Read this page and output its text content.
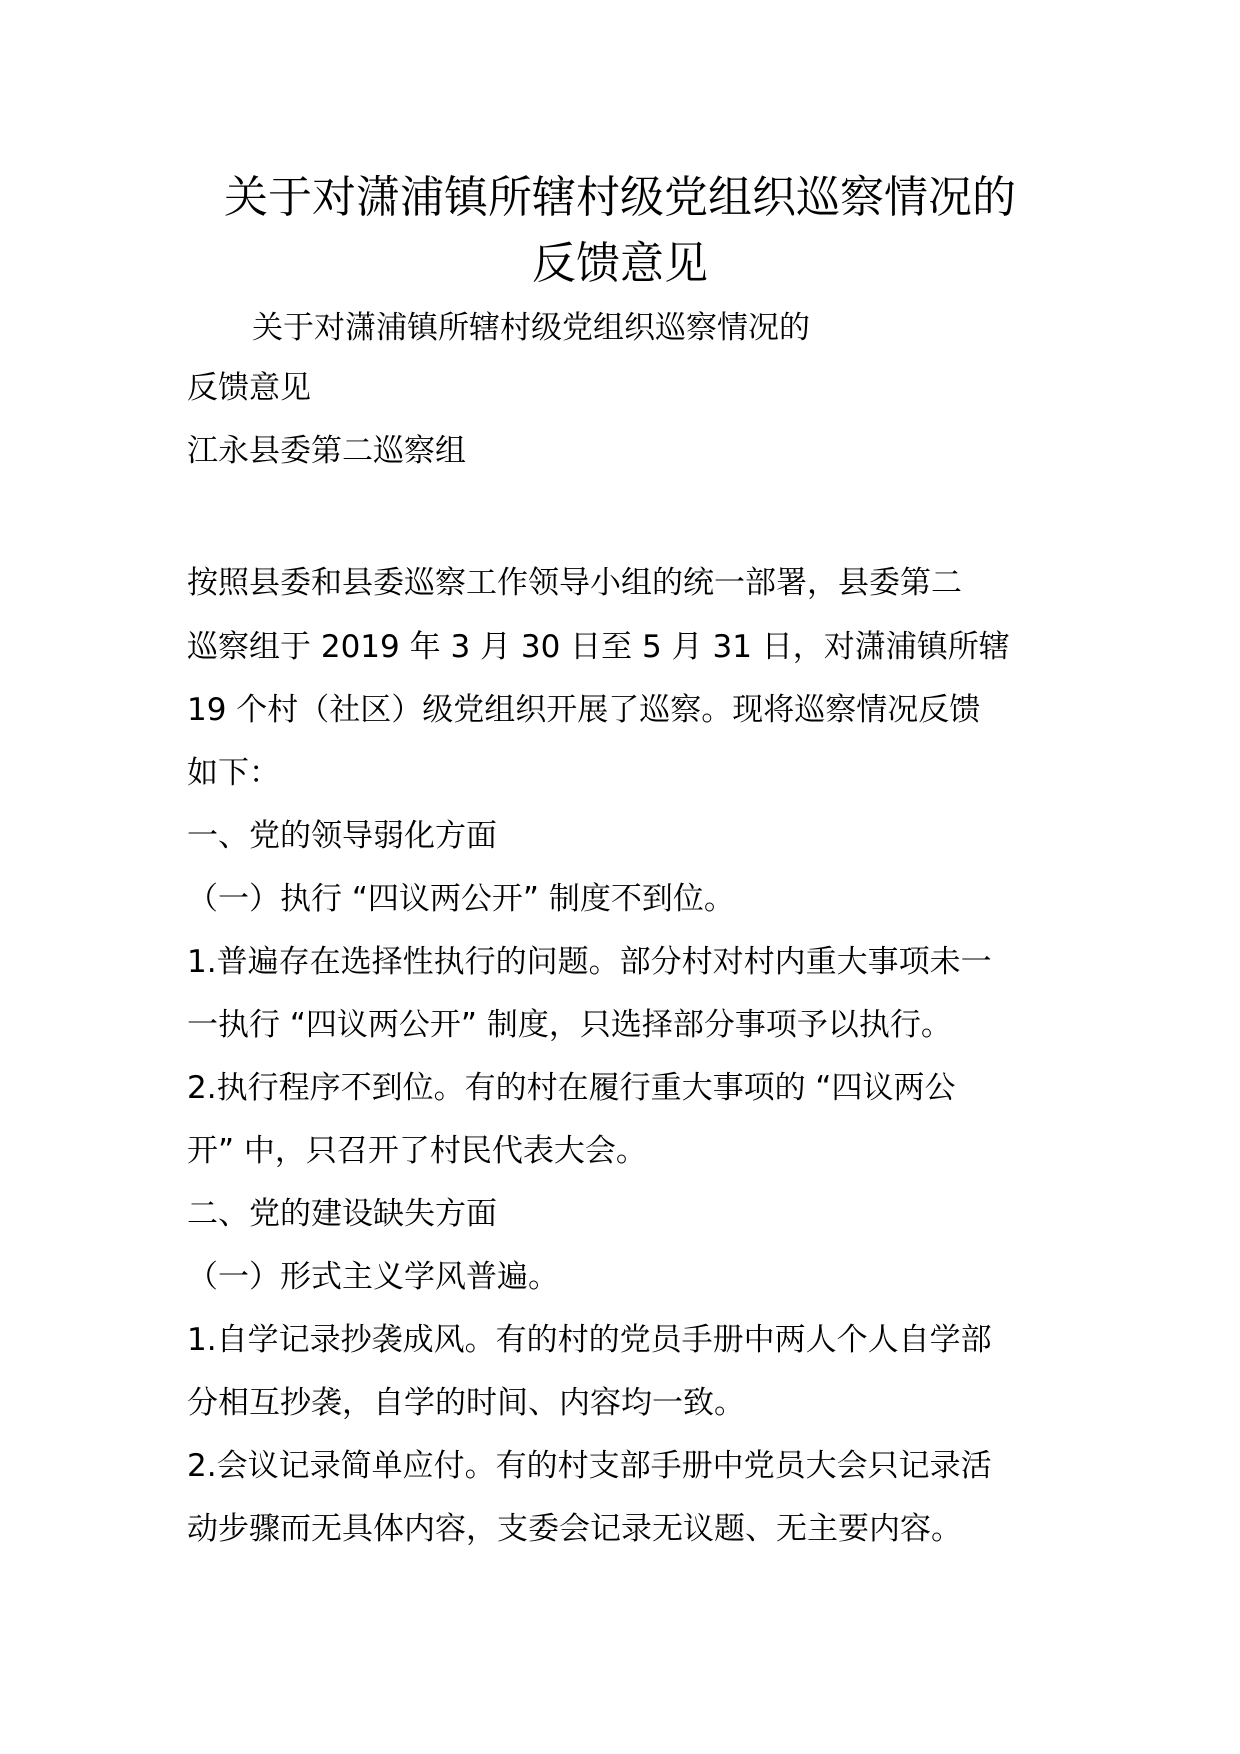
关于对潇浦镇所辖村级党组织巡察情况的
反馈意见

关于对潇浦镇所辖村级党组织巡察情况的

反馈意见

江永县委第二巡察组

按照县委和县委巡察工作领导小组的统一部署，县委第二

巡察组于 2019 年 3 月 30 日至 5 月 31 日，对潇浦镇所辖

19 个村（社区）级党组织开展了巡察。现将巡察情况反馈

如下：

一、党的领导弱化方面

（一）执行 “四议两公开” 制度不到位。

1.普遍存在选择性执行的问题。部分村对村内重大事项未一

一执行 “四议两公开” 制度，只选择部分事项予以执行。

2.执行程序不到位。有的村在履行重大事项的 “四议两公

开” 中，只召开了村民代表大会。

二、党的建设缺失方面

（一）形式主义学风普遍。

1.自学记录抄袭成风。有的村的党员手册中两人个人自学部

分相互抄袭，自学的时间、内容均一致。

2.会议记录简单应付。有的村支部手册中党员大会只记录活

动步骤而无具体内容，支委会记录无议题、无主要内容。
